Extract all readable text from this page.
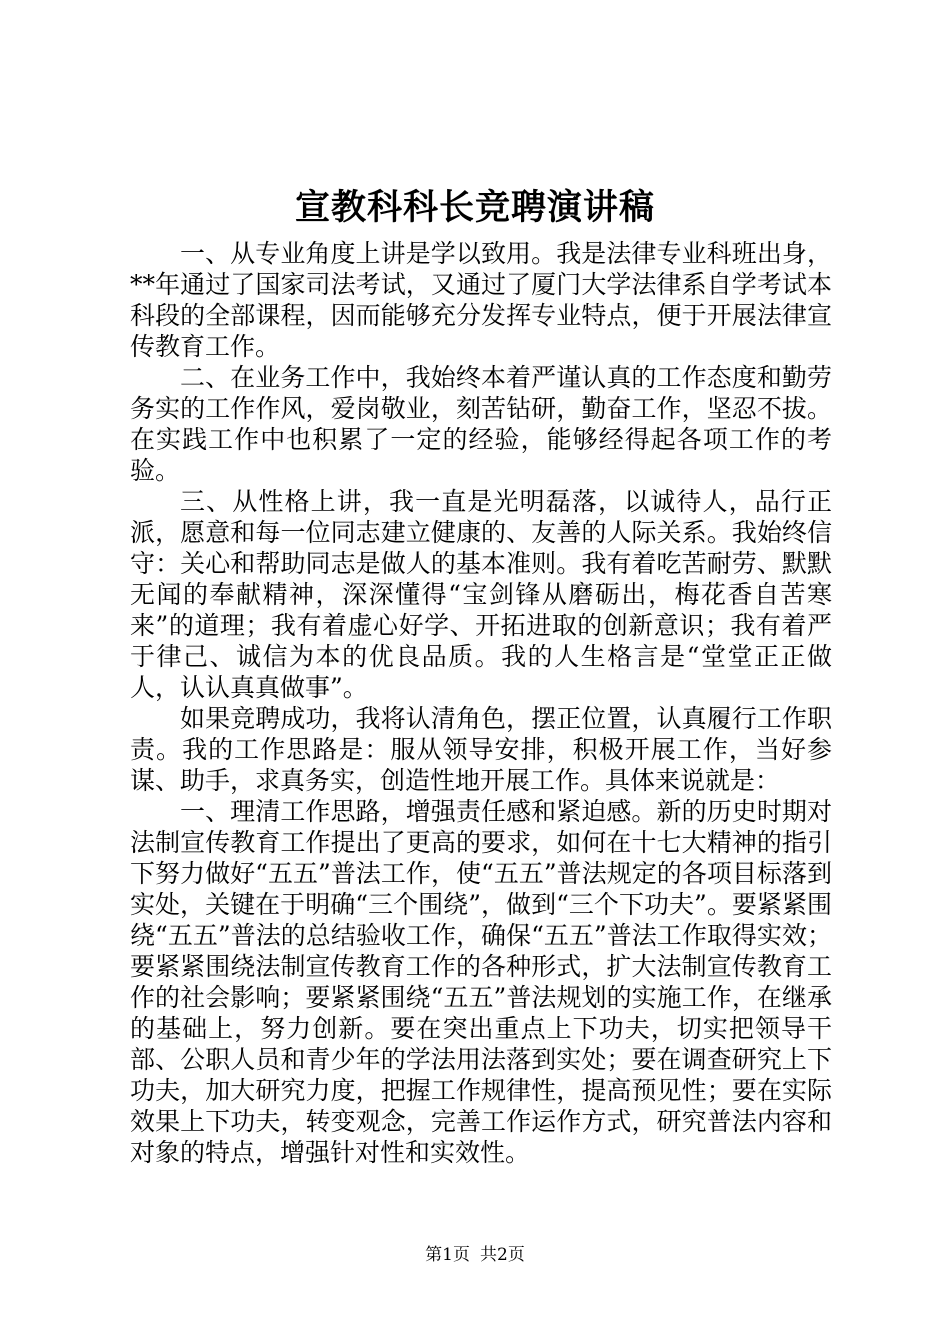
宣教科科长竞聘演讲稿

一、从专业角度上讲是学以致用。我是法律专业科班出身，**年通过了国家司法考试，又通过了厦门大学法律系自学考试本科段的全部课程，因而能够充分发挥专业特点，便于开展法律宣传教育工作。

二、在业务工作中，我始终本着严谨认真的工作态度和勤劳务实的工作作风，爱岗敬业，刻苦钻研，勤奋工作，坚忍不拔。在实践工作中也积累了一定的经验，能够经得起各项工作的考验。

三、从性格上讲，我一直是光明磊落，以诚待人，品行正派，愿意和每一位同志建立健康的、友善的人际关系。我始终信守：关心和帮助同志是做人的基本准则。我有着吃苦耐劳、默默无闻的奉献精神，深深懂得“宝剑锋从磨砺出，梅花香自苦寒来”的道理；我有着虚心好学、开拓进取的创新意识；我有着严于律己、诚信为本的优良品质。我的人生格言是“堂堂正正做人，认认真真做事”。

如果竞聘成功，我将认清角色，摆正位置，认真履行工作职责。我的工作思路是：服从领导安排，积极开展工作，当好参谋、助手，求真务实，创造性地开展工作。具体来说就是：

一、理清工作思路，增强责任感和紧迫感。新的历史时期对法制宣传教育工作提出了更高的要求，如何在十七大精神的指引下努力做好“五五”普法工作，使“五五”普法规定的各项目标落到实处，关键在于明确“三个围绕”，做到“三个下功夫”。要紧紧围绕“五五”普法的总结验收工作，确保“五五”普法工作取得实效；要紧紧围绕法制宣传教育工作的各种形式，扩大法制宣传教育工作的社会影响；要紧紧围绕“五五”普法规划的实施工作，在继承的基础上，努力创新。要在突出重点上下功夫，切实把领导干部、公职人员和青少年的学法用法落到实处；要在调查研究上下功夫，加大研究力度，把握工作规律性，提高预见性；要在实际效果上下功夫，转变观念，完善工作运作方式，研究普法内容和对象的特点，增强针对性和实效性。

第1页 共2页
